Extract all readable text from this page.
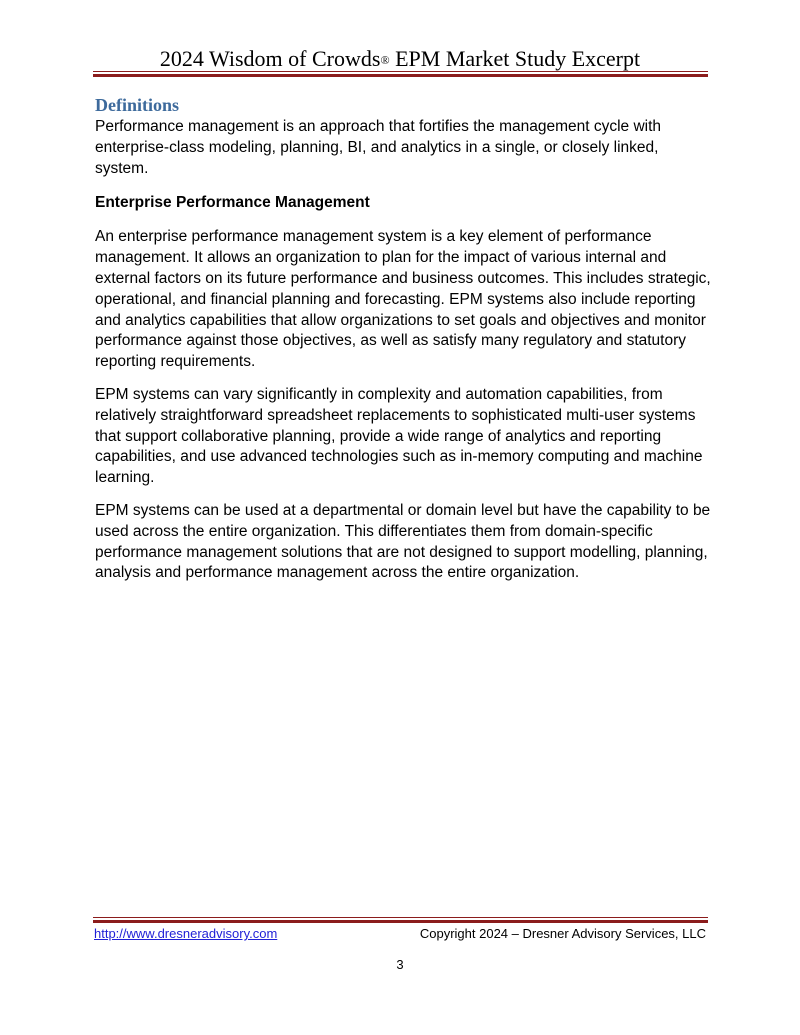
2024 Wisdom of Crowds® EPM Market Study Excerpt
Definitions

Performance management is an approach that fortifies the management cycle with enterprise-class modeling, planning, BI, and analytics in a single, or closely linked, system.

Enterprise Performance Management

An enterprise performance management system is a key element of performance management. It allows an organization to plan for the impact of various internal and external factors on its future performance and business outcomes. This includes strategic, operational, and financial planning and forecasting. EPM systems also include reporting and analytics capabilities that allow organizations to set goals and objectives and monitor performance against those objectives, as well as satisfy many regulatory and statutory reporting requirements.

EPM systems can vary significantly in complexity and automation capabilities, from relatively straightforward spreadsheet replacements to sophisticated multi-user systems that support collaborative planning, provide a wide range of analytics and reporting capabilities, and use advanced technologies such as in-memory computing and machine learning.

EPM systems can be used at a departmental or domain level but have the capability to be used across the entire organization. This differentiates them from domain-specific performance management solutions that are not designed to support modelling, planning, analysis and performance management across the entire organization.

http://www.dresneradvisory.com	Copyright 2024 – Dresner Advisory Services, LLC
3
